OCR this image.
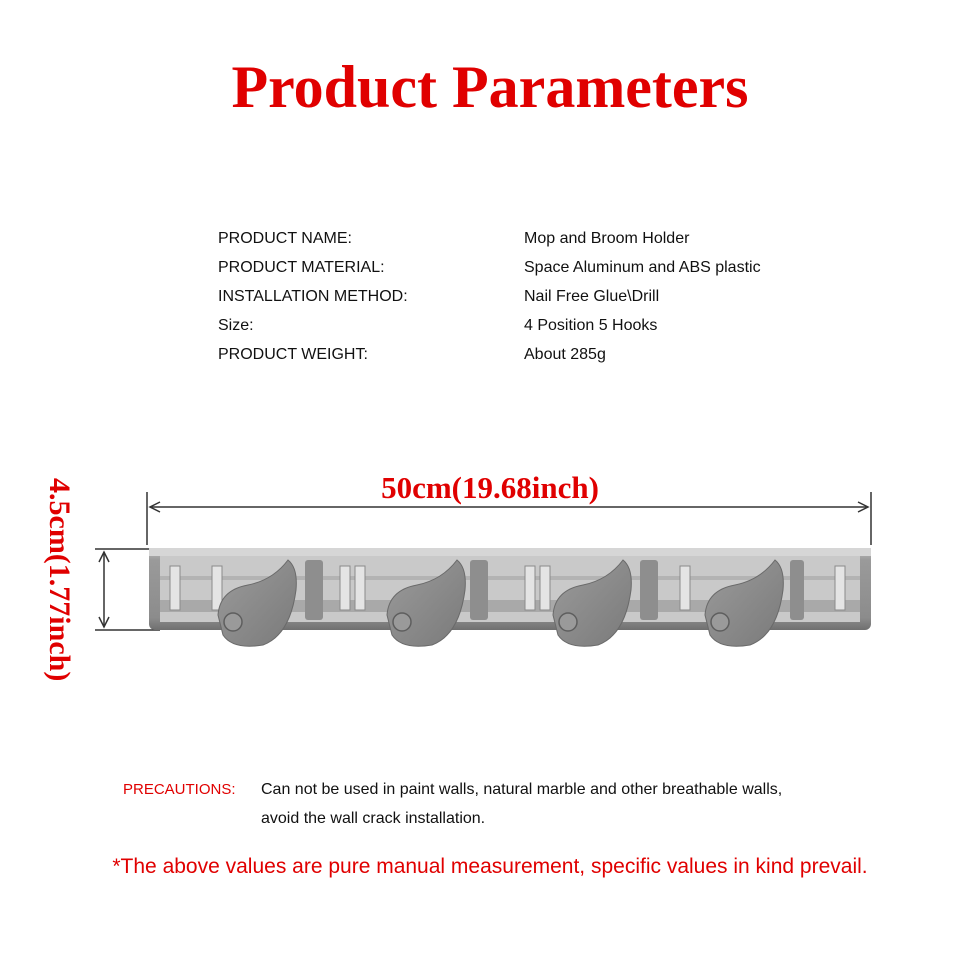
Product Parameters
PRODUCT NAME:	Mop and Broom Holder
PRODUCT MATERIAL:	Space Aluminum and ABS plastic
INSTALLATION METHOD:	Nail Free Glue\Drill
Size:	4 Position 5 Hooks
PRODUCT WEIGHT:	About 285g
50cm(19.68inch)
4.5cm(1.77inch)
PRECAUTIONS: Can not be used in paint walls, natural marble and other breathable walls,
avoid the wall crack installation.
*The above values are pure manual measurement, specific values in kind prevail.
